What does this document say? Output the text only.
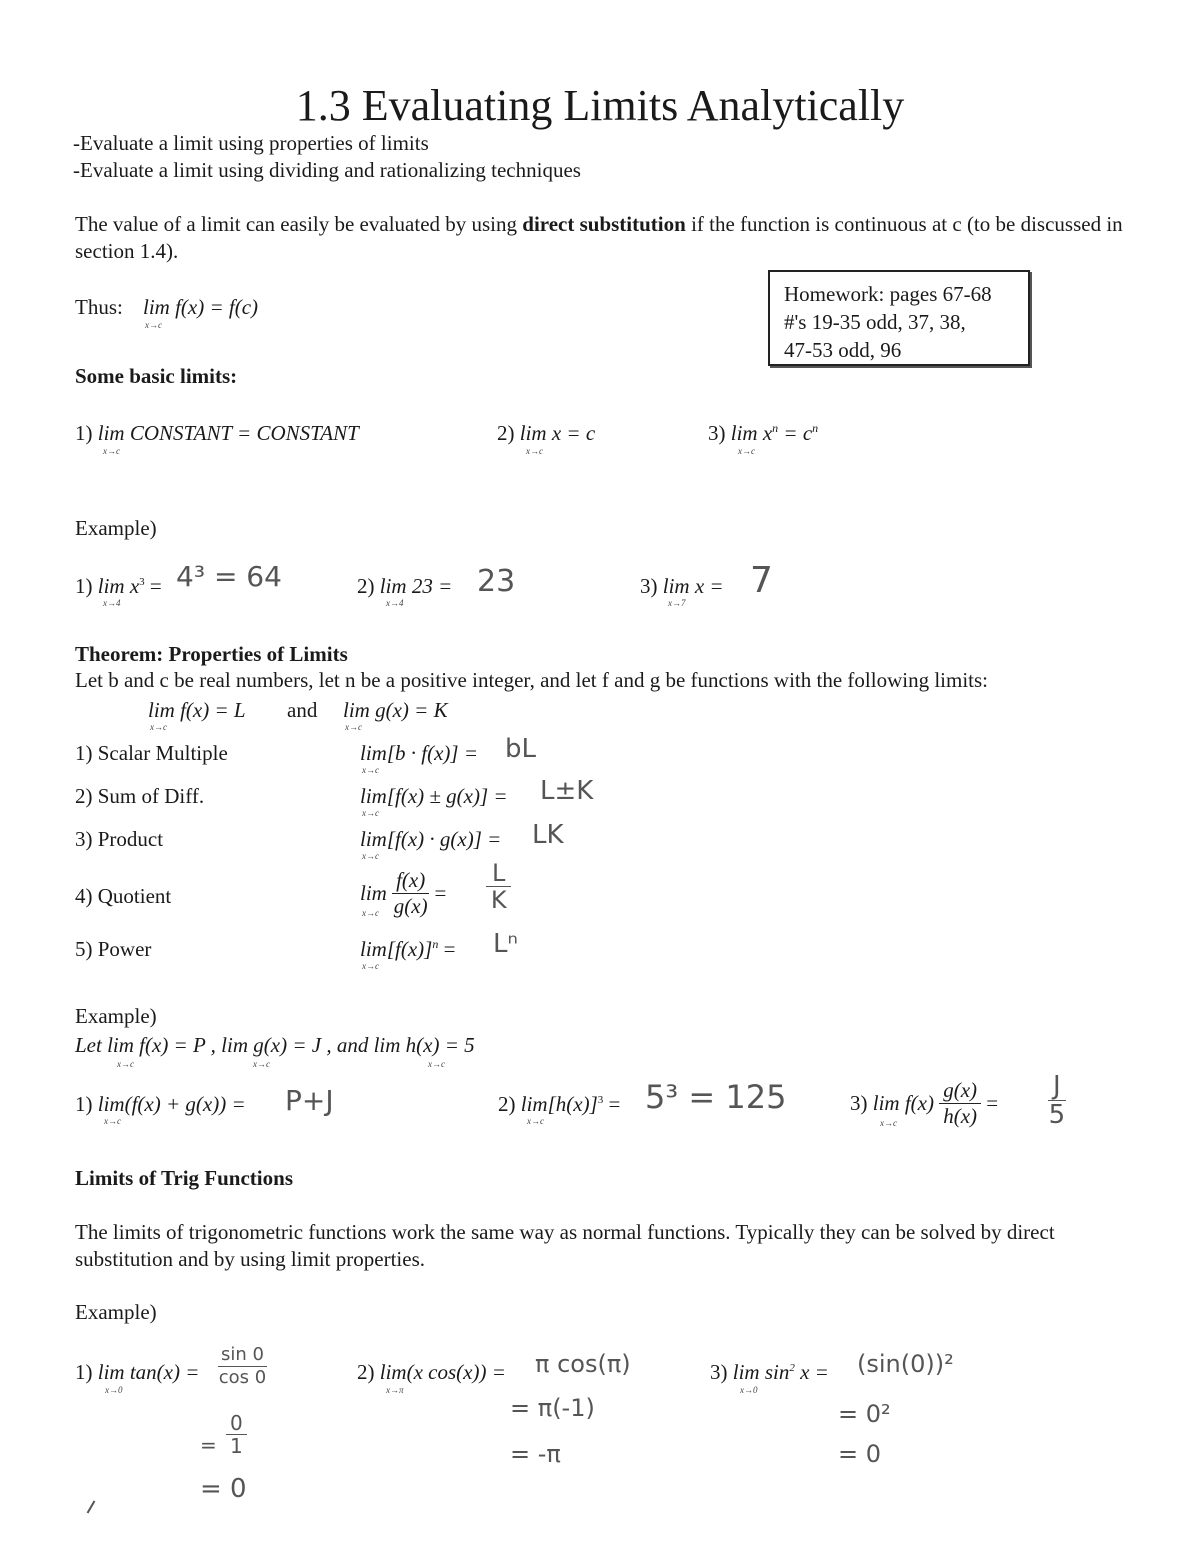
1.3 Evaluating Limits Analytically
-Evaluate a limit using properties of limits
-Evaluate a limit using dividing and rationalizing techniques
The value of a limit can easily be evaluated by using direct substitution if the function is continuous at c (to be discussed in section 1.4).
Thus: lim f(x) = f(c)
x→c
Homework: pages 67-68
#'s 19-35 odd, 37, 38,
47-53 odd, 96
Some basic limits:
1) lim CONSTANT = CONSTANT
x→c
2) lim x = c
x→c
3) $\lim x^n = c^n$
x→c
Example)
1) $\lim x^3$ =
x→4
4³ = 64	2) lim 23 =
x→4
23	3) lim x =
x→7
7
Theorem: Properties of Limits
Let b and c be real numbers, let n be a positive integer, and let f and g be functions with the following limits:
lim f(x) = L and lim g(x) = K
x→c	x→c
1) Scalar Multiple	lim[b · f(x)] =
x→c
bL
2) Sum of Diff.	lim[f(x) ± g(x)] =
x→c
L±K
3) Product	lim[f(x) · g(x)] =
x→c
LK
4) Quotient	$\lim \frac{f(x)}{g(x)}$ =
x→c	$\frac{L}{K}$
5) Power	$\lim[f(x)]^n$ =
x→c
Lⁿ
Example)
Let lim f(x) = P , lim g(x) = J , and lim h(x) = 5
x→c	x→c	x→c
1) lim(f(x) + g(x)) =
x→c
P+J	2) $\lim[h(x)]^3$ =
x→c
5³ = 125	3) $\lim f(x) \frac{g(x)}{h(x)}$ =
x→c	$\frac{J}{5}$
Limits of Trig Functions
The limits of trigonometric functions work the same way as normal functions. Typically they can be solved by direct substitution and by using limit properties.
Example)
1) lim tan(x) =
x→0
$\frac{\sin 0}{\cos 0}$
= $\frac{0}{1}$
= 0
2) lim(x cos(x)) =
x→π
π cos(π)
= π(-1)
= -π
3) $\lim \sin^2 x$ =
x→0
(sin(0))²
= 0²
= 0
